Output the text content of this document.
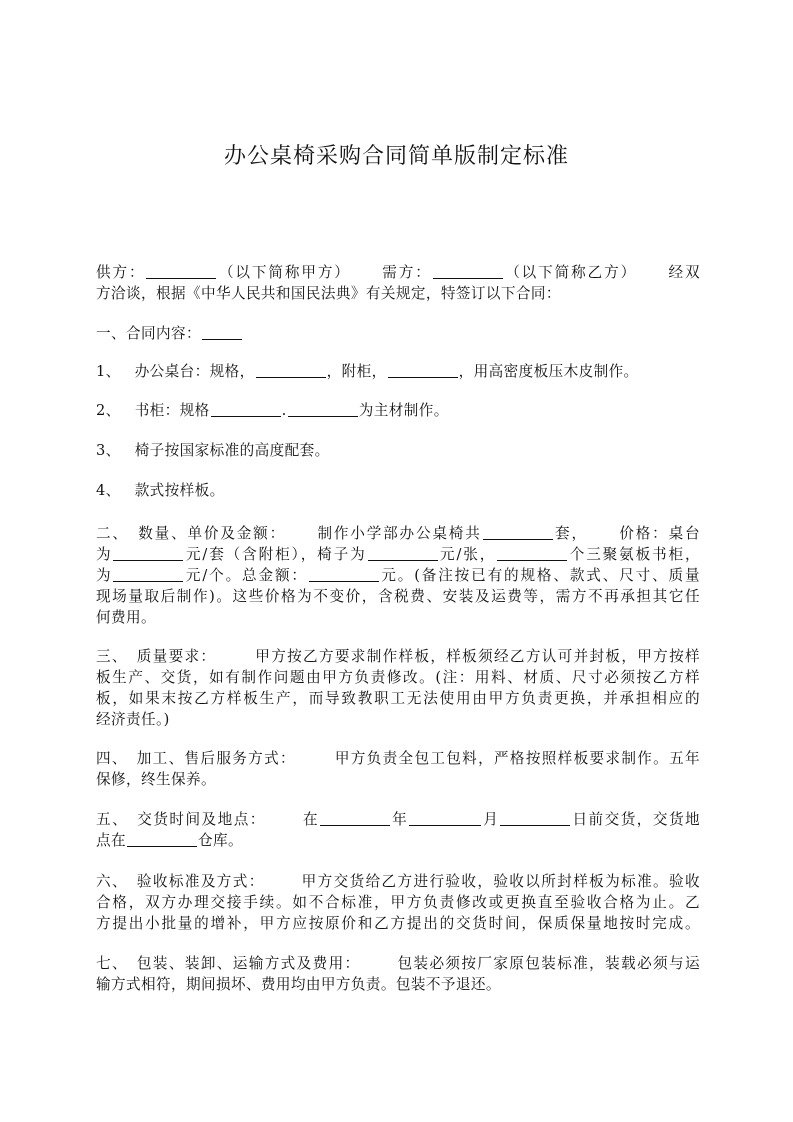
办公桌椅采购合同简单版制定标准
供方：	（以下简称甲方） 需方：	（以下简称乙方） 经双
方洽谈，根据《中华人民共和国民法典》有关规定，特签订以下合同：
一、合同内容：
1、 办公桌台：规格，	，附柜，	，用高密度板压木皮制作。
2、 书柜：规格	.	为主材制作。
3、 椅子按国家标准的高度配套。
4、 款式按样板。
二、 数量、单价及金额： 制作小学部办公桌椅共	套， 价格：桌台
为	元/套（含附柜），椅子为	元/张，	个三聚氨板书柜，
为	元/个。总金额：	元。(备注按已有的规格、款式、尺寸、质量
现场量取后制作)。这些价格为不变价，含税费、安装及运费等，需方不再承担其它任
何费用。
三、 质量要求：	甲方按乙方要求制作样板，样板须经乙方认可并封板，甲方按样
板生产、交货，如有制作问题由甲方负责修改。(注：用料、材质、尺寸必须按乙方样
板，如果末按乙方样板生产，而导致教职工无法使用由甲方负责更换，并承担相应的
经济责任。)
四、 加工、售后服务方式：	甲方负责全包工包料，严格按照样板要求制作。五年
保修，终生保养。
五、 交货时间及地点： 在	年	月	日前交货，交货地
点在	仓库。
六、 验收标准及方式： 甲方交货给乙方进行验收，验收以所封样板为标准。验收
合格，双方办理交接手续。如不合标准，甲方负责修改或更换直至验收合格为止。乙
方提出小批量的增补，甲方应按原价和乙方提出的交货时间，保质保量地按时完成。
七、 包装、装卸、运输方式及费用： 包装必须按厂家原包装标准，装载必须与运
输方式相符，期间损坏、费用均由甲方负责。包装不予退还。
